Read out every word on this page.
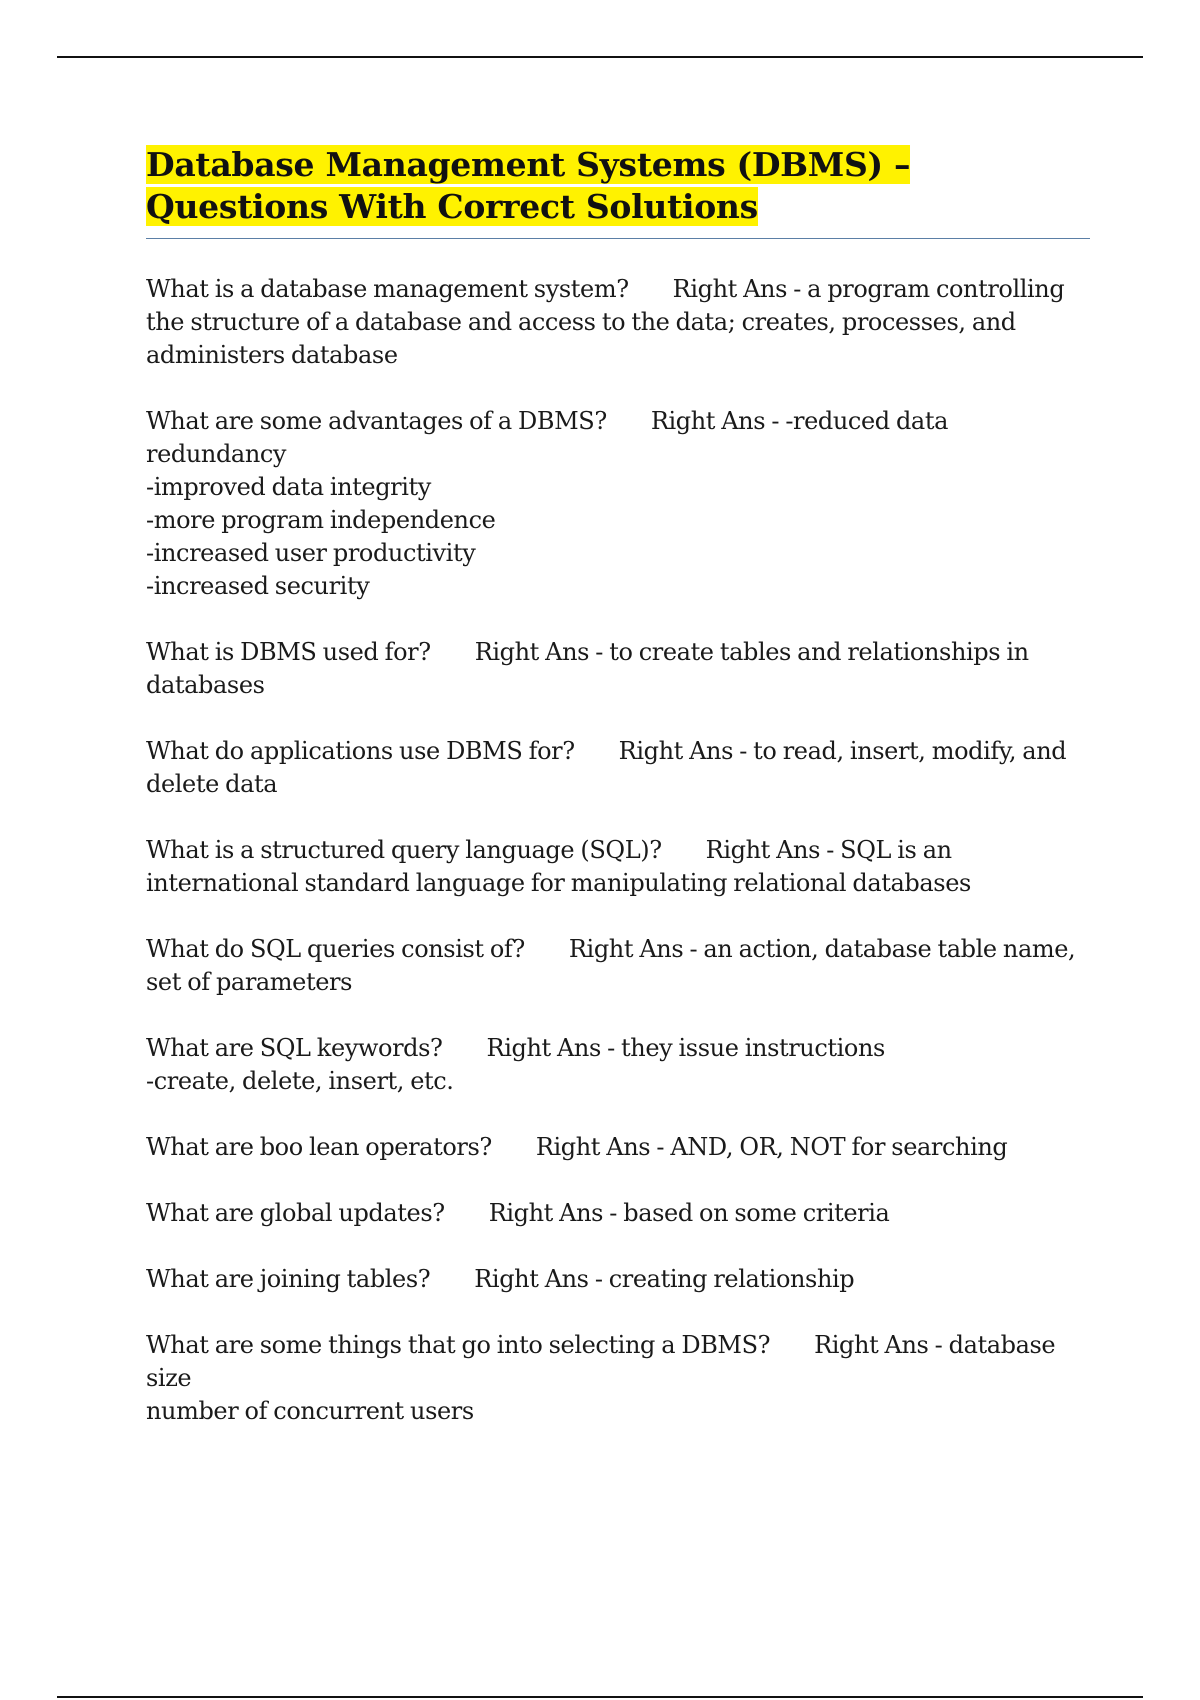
Database Management Systems (DBMS) – Questions With Correct Solutions

What is a database management system? Right Ans - a program controlling the structure of a database and access to the data; creates, processes, and administers database

What are some advantages of a DBMS? Right Ans - -reduced data redundancy
-improved data integrity
-more program independence
-increased user productivity
-increased security

What is DBMS used for? Right Ans - to create tables and relationships in databases

What do applications use DBMS for? Right Ans - to read, insert, modify, and delete data

What is a structured query language (SQL)? Right Ans - SQL is an international standard language for manipulating relational databases

What do SQL queries consist of? Right Ans - an action, database table name, set of parameters

What are SQL keywords? Right Ans - they issue instructions
-create, delete, insert, etc.

What are boo lean operators? Right Ans - AND, OR, NOT for searching

What are global updates? Right Ans - based on some criteria

What are joining tables? Right Ans - creating relationship

What are some things that go into selecting a DBMS? Right Ans - database size
number of concurrent users
